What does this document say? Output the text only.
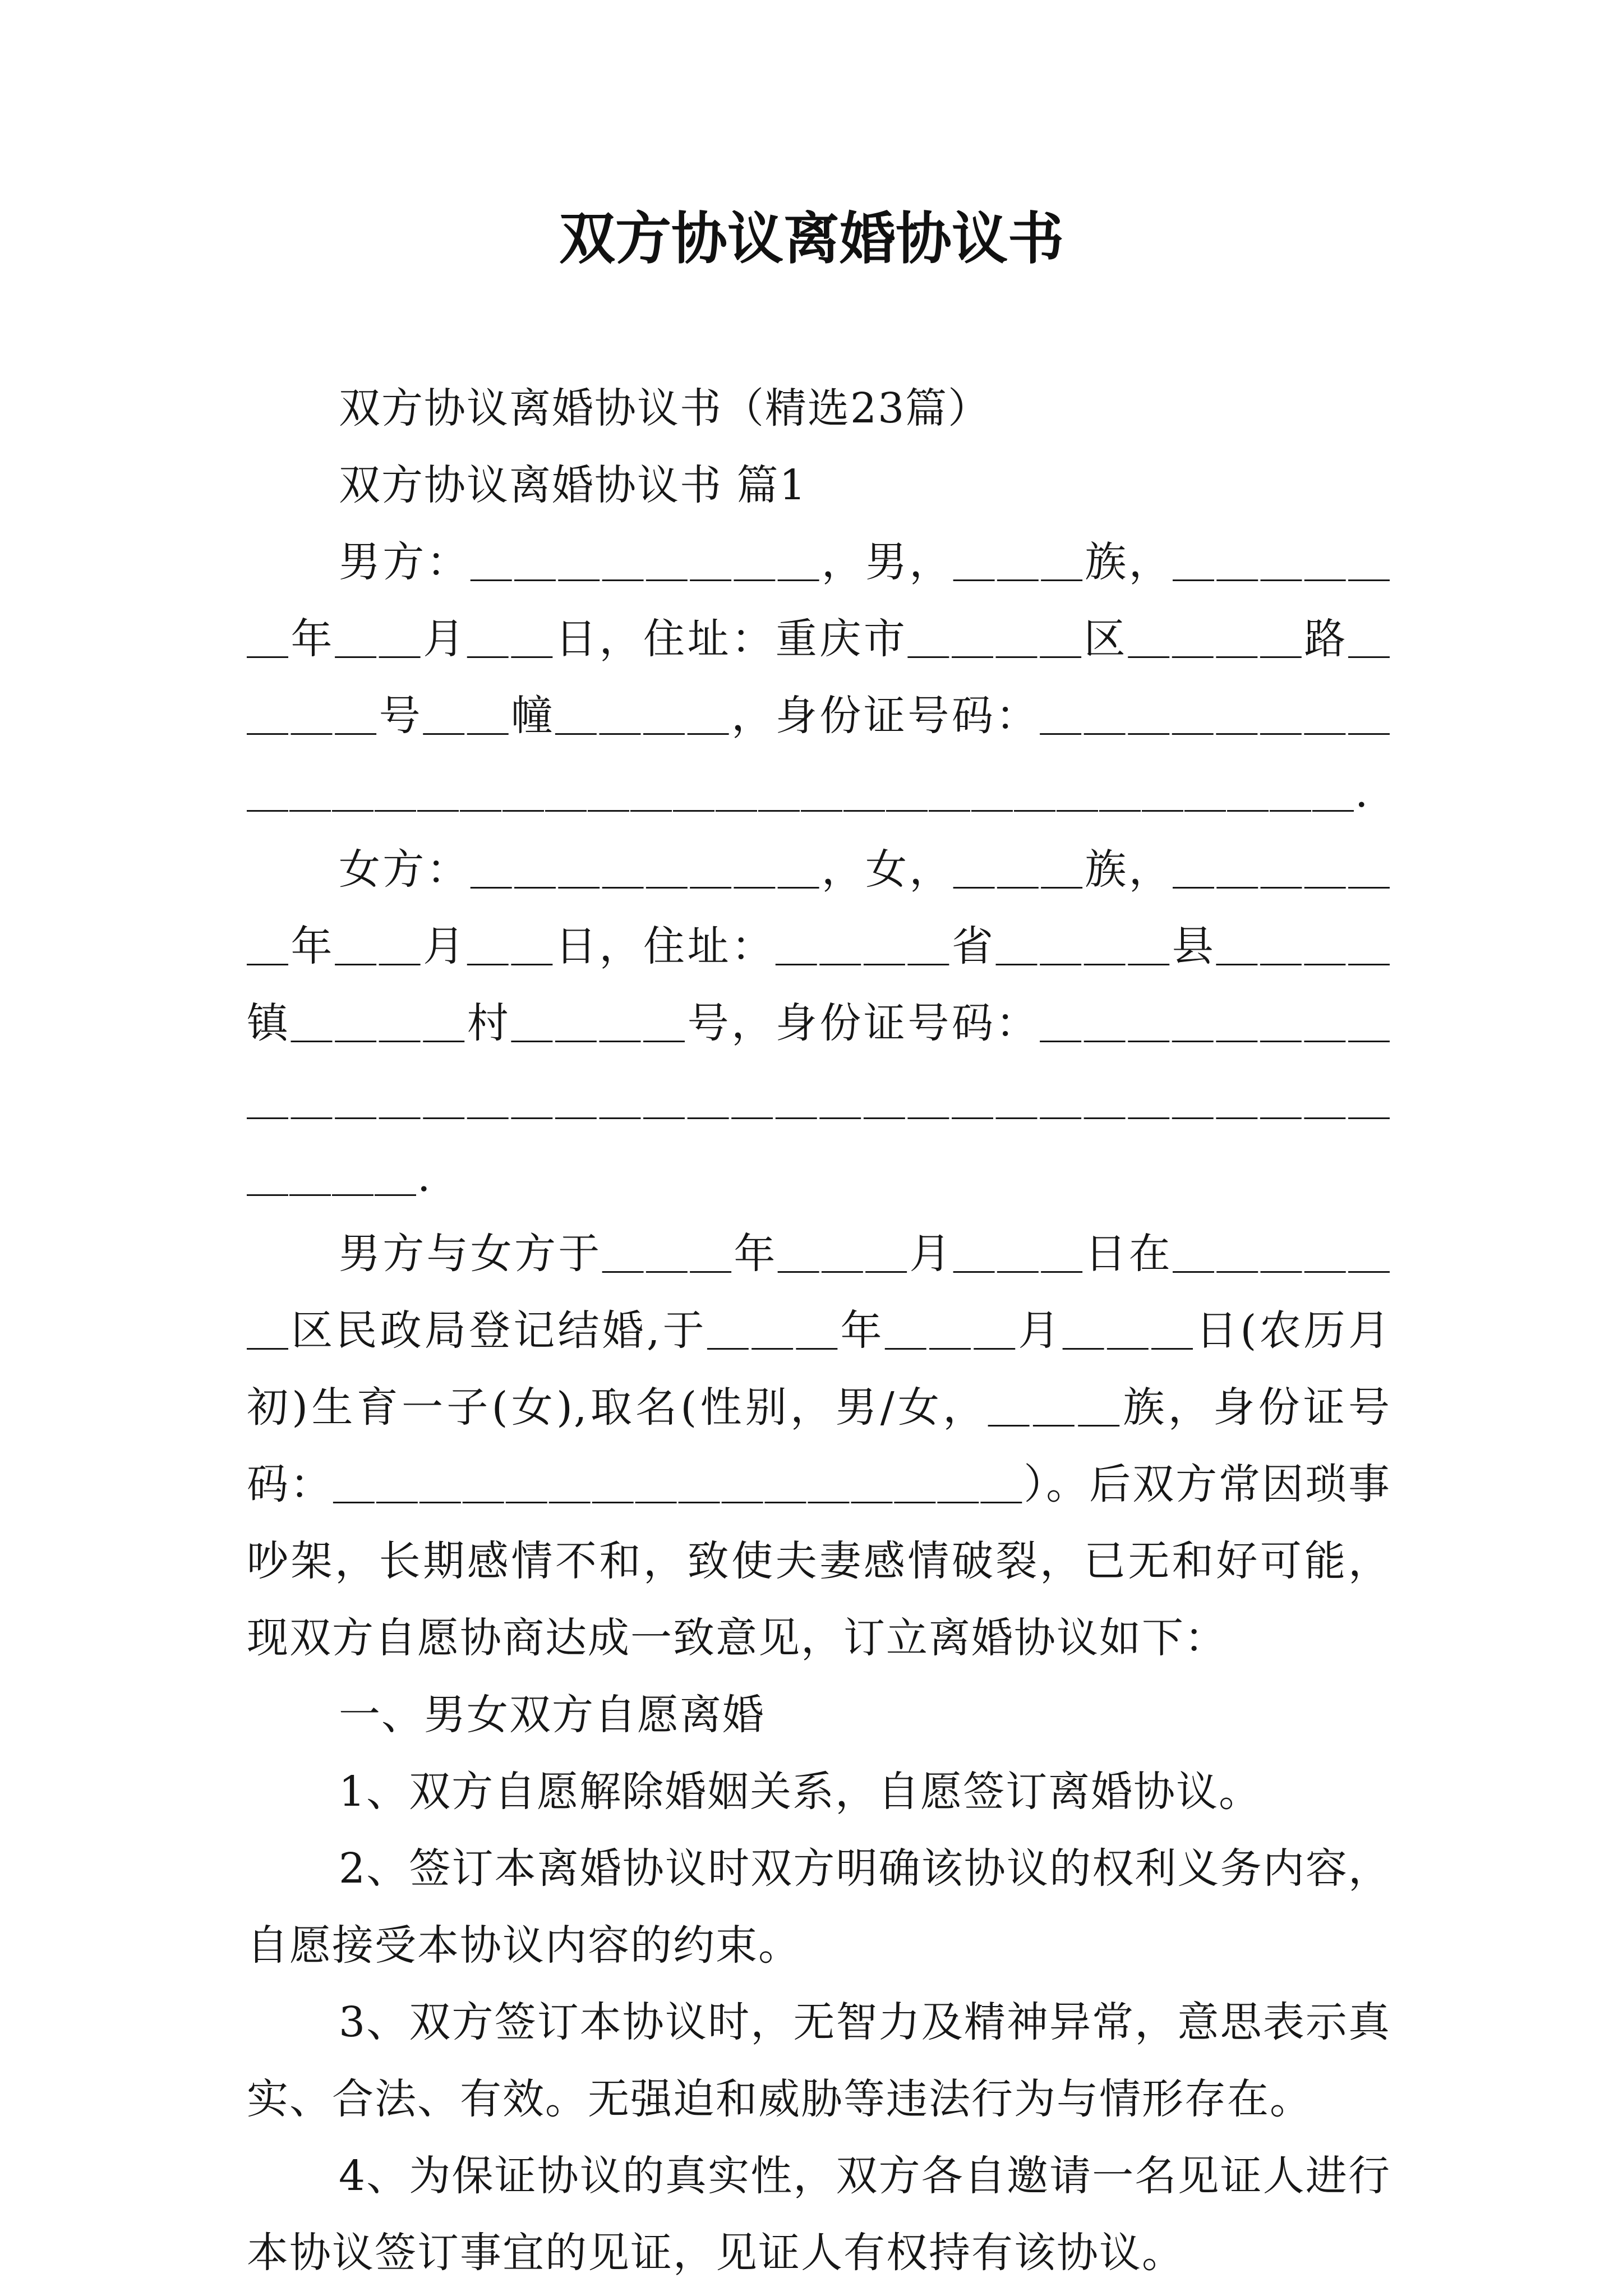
双方协议离婚协议书

双方协议离婚协议书（精选23篇）

双方协议离婚协议书 篇1

男方：＿＿＿＿＿＿＿＿，男，＿＿＿族，＿＿＿＿＿＿年＿＿月＿＿日，住址：重庆市＿＿＿＿区＿＿＿＿路＿＿＿＿号＿＿幢＿＿＿＿，身份证号码：＿＿＿＿＿＿＿＿＿＿＿＿＿＿＿＿＿＿＿＿＿＿＿＿＿＿＿＿＿＿＿＿＿＿.

女方：＿＿＿＿＿＿＿＿，女，＿＿＿族，＿＿＿＿＿＿年＿＿月＿＿日，住址：＿＿＿＿省＿＿＿＿县＿＿＿＿镇＿＿＿＿村＿＿＿＿号，身份证号码：＿＿＿＿＿＿＿＿＿＿＿＿＿＿＿＿＿＿＿＿＿＿＿＿＿＿＿＿＿＿＿＿＿＿＿＿＿＿.

男方与女方于＿＿＿年＿＿＿月＿＿＿日在＿＿＿＿＿＿区民政局登记结婚,于＿＿＿年＿＿＿月＿＿＿日(农历月初)生育一子(女),取名(性别，男/女，＿＿＿族，身份证号码：＿＿＿＿＿＿＿＿＿＿＿＿＿＿＿＿）。后双方常因琐事吵架，长期感情不和，致使夫妻感情破裂，已无和好可能，现双方自愿协商达成一致意见，订立离婚协议如下：

一、男女双方自愿离婚

1、双方自愿解除婚姻关系，自愿签订离婚协议。

2、签订本离婚协议时双方明确该协议的权利义务内容，自愿接受本协议内容的约束。

3、双方签订本协议时，无智力及精神异常，意思表示真实、合法、有效。无强迫和威胁等违法行为与情形存在。

4、为保证协议的真实性，双方各自邀请一名见证人进行本协议签订事宜的见证，见证人有权持有该协议。
